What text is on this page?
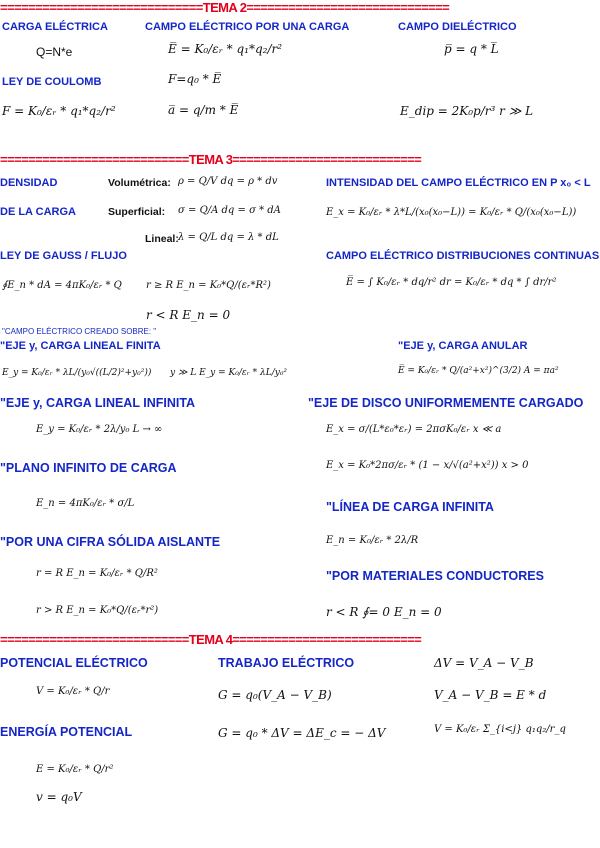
=============================TEMA 2=============================
CARGA ELÉCTRICA
Q=N*e
CAMPO ELÉCTRICO POR UNA CARGA
E̅ = K₀/εᵣ * q₁*q₂/r²
F=q₀ * E̅
a̅ = q/m * E̅
CAMPO DIELÉCTRICO
p̅ = q * L̅
E_dip = 2K₀p/r³ r ≫ L
LEY DE COULOMB
F = K₀/εᵣ * q₁*q₂/r²
===========================TEMA 3===========================
DENSIDAD
DE LA CARGA
Volumétrica: ρ = Q/V dq = ρ * dv
Superficial: σ = Q/A dq = σ * dA
Lineal: λ = Q/L dq = λ * dL
INTENSIDAD DEL CAMPO ELÉCTRICO EN P x₀ < L
E_x = K₀/εᵣ * λ*L/(x₀(x₀−L)) = K₀/εᵣ * Q/(x₀(x₀−L))
LEY DE GAUSS / FLUJO
∮E_n * dA = 4πK₀/εᵣ * Q r ≥ R E_n = K₀*Q/(εᵣ*R²)
r < R E_n = 0
CAMPO ELÉCTRICO DISTRIBUCIONES CONTINUAS
E̅ = ∫ K₀/εᵣ * dq/r² dr = K₀/εᵣ * dq * ∫ dr/r²
"CAMPO ELÉCTRICO CREADO SOBRE: "
"EJE y, CARGA LINEAL FINITA
E_y = K₀/εᵣ * λL/(y₀√((L/2)²+y₀²)) y ≫ L E_y = K₀/εᵣ * λL/y₀²
"EJE y, CARGA ANULAR
E̅ = K₀/εᵣ * Q/(a²+x²)^(3/2) A = πa²
"EJE y, CARGA LINEAL INFINITA
E_y = K₀/εᵣ * 2λ/y₀ L → ∞
"EJE DE DISCO UNIFORMEMENTE CARGADO
E_x = σ/(L*ε₀*εᵣ) = 2πσK₀/εᵣ x ≪ a
E_x = K₀*2πσ/εᵣ * (1 − x/√(a²+x²)) x > 0
"PLANO INFINITO DE CARGA
E_n = 4πK₀/εᵣ * σ/L	"LÍNEA DE CARGA INFINITA
E_n = K₀/εᵣ * 2λ/R
"POR UNA CIFRA SÓLIDA AISLANTE
r = R E_n = K₀/εᵣ * Q/R²
r > R E_n = K₀*Q/(εᵣ*r²)
"POR MATERIALES CONDUCTORES
r < R ∮= 0 E_n = 0
===========================TEMA 4===========================
POTENCIAL ELÉCTRICO
V = K₀/εᵣ * Q/r
TRABAJO ELÉCTRICO
G = q₀(V_A − V_B)
G = q₀ * ΔV = ΔE_c = − ΔV
ΔV = V_A − V_B
V_A − V_B = E * d
V = K₀/εᵣ Σ_{i<j} q₁q₂/r_q
ENERGÍA POTENCIAL
E = K₀/εᵣ * Q/r²
v = q₀V
